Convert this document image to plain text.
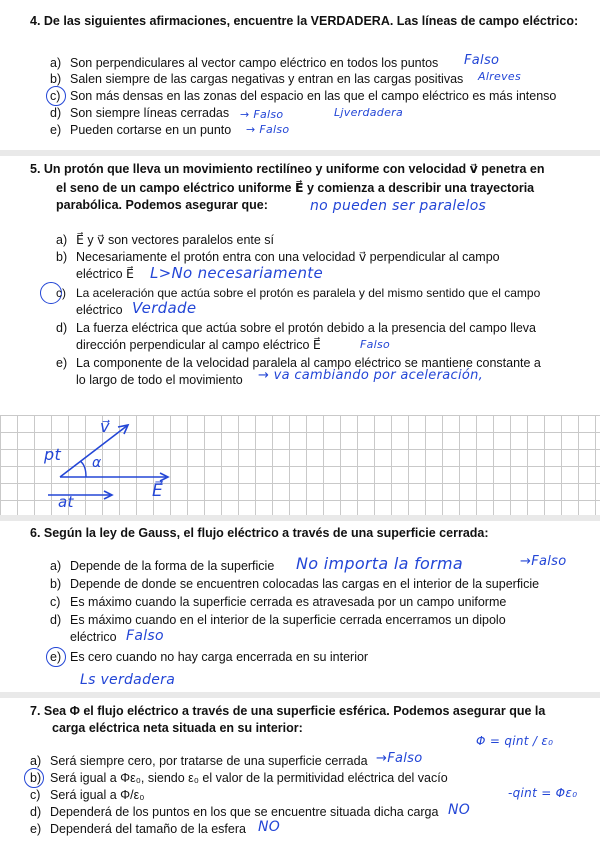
4. De las siguientes afirmaciones, encuentre la VERDADERA. Las líneas de campo eléctrico:
a) Son perpendiculares al vector campo eléctrico en todos los puntos Falso
b) Salen siempre de las cargas negativas y entran en las cargas positivas Alreves
c) Son más densas en las zonas del espacio en las que el campo eléctrico es más intenso
d) Son siempre líneas cerradas → Falso	Ljverdadera
e) Pueden cortarse en un punto → Falso
5. Un protón que lleva un movimiento rectilíneo y uniforme con velocidad v⃗ penetra en
el seno de un campo eléctrico uniforme E⃗ y comienza a describir una trayectoria
parabólica. Podemos asegurar que:	no pueden ser paralelos
a) E⃗ y v⃗ son vectores paralelos ente sí
b) Necesariamente el protón entra con una velocidad v⃗ perpendicular al campo
eléctrico E⃗ L>No necesariamente
c) La aceleración que actúa sobre el protón es paralela y del mismo sentido que el campo
eléctrico Verdade
d) La fuerza eléctrica que actúa sobre el protón debido a la presencia del campo lleva
dirección perpendicular al campo eléctrico E⃗	Falso
e) La componente de la velocidad paralela al campo eléctrico se mantiene constante a
lo largo de todo el movimiento → va cambiando por aceleración,
pt
v⃗
α
at
E⃗
6. Según la ley de Gauss, el flujo eléctrico a través de una superficie cerrada:
a) Depende de la forma de la superficie No importa la forma	→Falso
b) Depende de donde se encuentren colocadas las cargas en el interior de la superficie
c) Es máximo cuando la superficie cerrada es atravesada por un campo uniforme
d) Es máximo cuando en el interior de la superficie cerrada encerramos un dipolo
eléctrico Falso
e) Es cero cuando no hay carga encerrada en su interior
Ls verdadera
7. Sea Φ el flujo eléctrico a través de una superficie esférica. Podemos asegurar que la
carga eléctrica neta situada en su interior:
a) Será siempre cero, por tratarse de una superficie cerrada →Falso
b) Será igual a Φε₀, siendo ε₀ el valor de la permitividad eléctrica del vacío
c) Será igual a Φ/ε₀
d) Dependerá de los puntos en los que se encuentre situada dicha carga NO
e) Dependerá del tamaño de la esfera NO
Φ = qint / ε₀
-qint = Φε₀
